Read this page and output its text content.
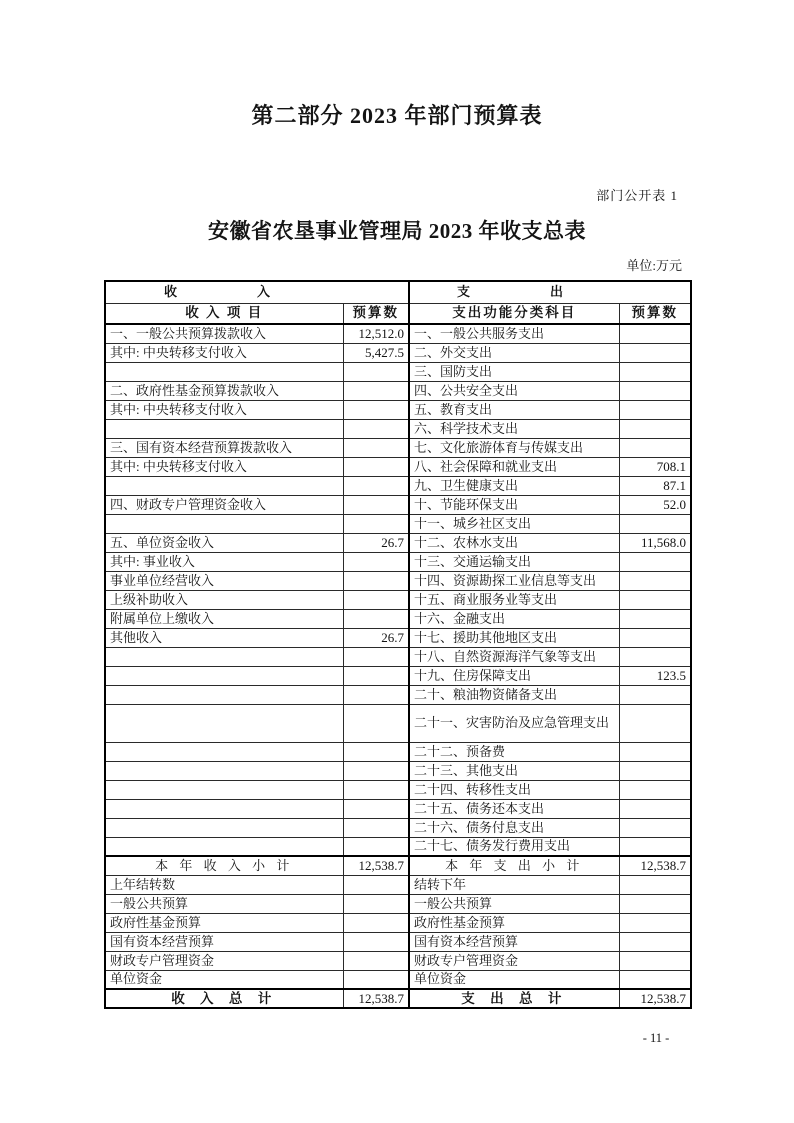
第二部分 2023 年部门预算表
部门公开表 1
安徽省农垦事业管理局 2023 年收支总表
单位:万元
收入		支出	
收 入 项 目	预算数	支出功能分类科目	预算数
一、一般公共预算拨款收入	12,512.0	一、一般公共服务支出	
其中: 中央转移支付收入	5,427.5	二、外交支出	
		三、国防支出	
二、政府性基金预算拨款收入		四、公共安全支出	
其中: 中央转移支付收入		五、教育支出	
		六、科学技术支出	
三、国有资本经营预算拨款收入		七、文化旅游体育与传媒支出	
其中: 中央转移支付收入		八、社会保障和就业支出	708.1
		九、卫生健康支出	87.1
四、财政专户管理资金收入		十、节能环保支出	52.0
		十一、城乡社区支出	
五、单位资金收入	26.7	十二、农林水支出	11,568.0
其中: 事业收入		十三、交通运输支出	
事业单位经营收入		十四、资源勘探工业信息等支出	
上级补助收入		十五、商业服务业等支出	
附属单位上缴收入		十六、金融支出	
其他收入	26.7	十七、援助其他地区支出	
		十八、自然资源海洋气象等支出	
		十九、住房保障支出	123.5
		二十、粮油物资储备支出	
		二十一、灾害防治及应急管理支出	
		二十二、预备费	
		二十三、其他支出	
		二十四、转移性支出	
		二十五、债务还本支出	
		二十六、债务付息支出	
		二十七、债务发行费用支出	
本 年 收 入 小 计	12,538.7	本 年 支 出 小 计	12,538.7
上年结转数		结转下年	
一般公共预算		一般公共预算	
政府性基金预算		政府性基金预算	
国有资本经营预算		国有资本经营预算	
财政专户管理资金		财政专户管理资金	
单位资金		单位资金	
收 入 总 计	12,538.7	支 出 总 计	12,538.7
- 11 -
